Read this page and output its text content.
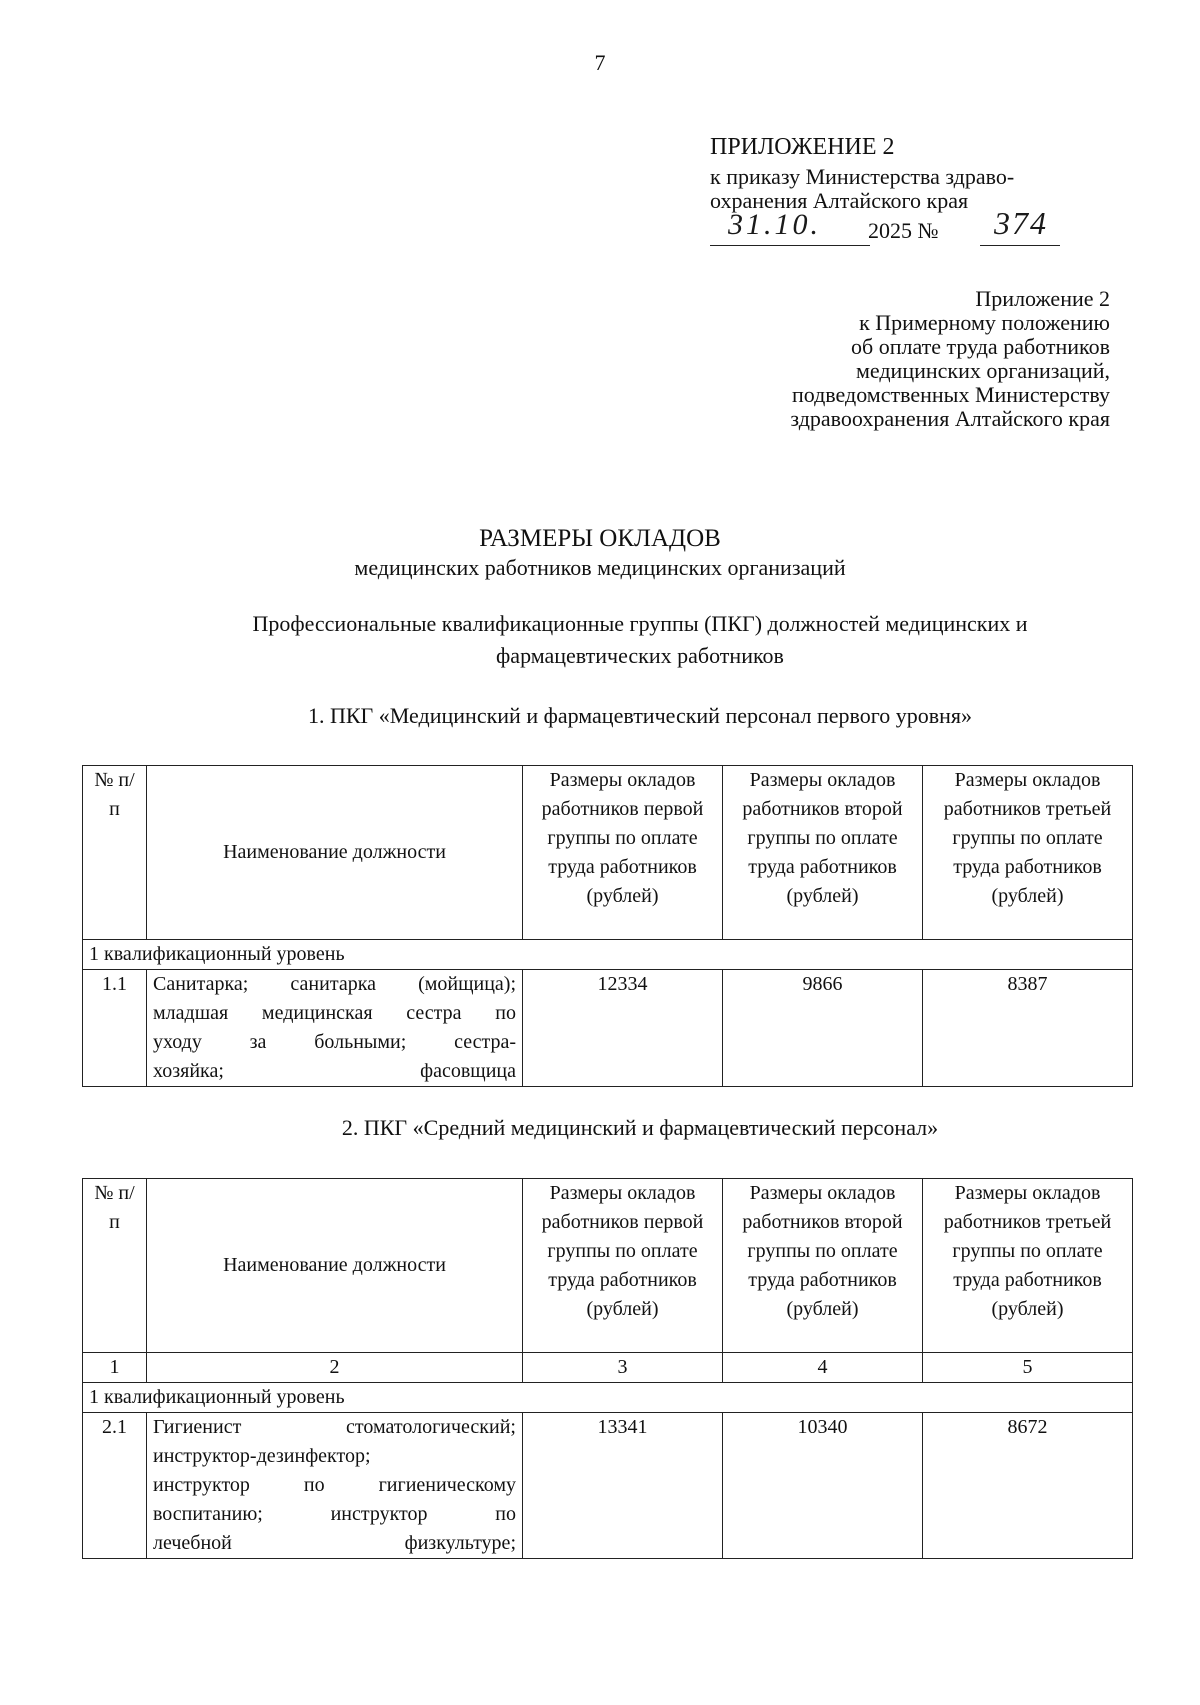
7
ПРИЛОЖЕНИЕ 2
к приказу Министерства здраво-
охранения Алтайского края
31.10. 2025 № 374
Приложение 2
к Примерному положению
об оплате труда работников
медицинских организаций,
подведомственных Министерству
здравоохранения Алтайского края
РАЗМЕРЫ ОКЛАДОВ
медицинских работников медицинских организаций
Профессиональные квалификационные группы (ПКГ) должностей медицинских и
фармацевтических работников
1. ПКГ «Медицинский и фармацевтический персонал первого уровня»
№ п/п	Наименование должности	Размеры окладов работников первой группы по оплате труда работников (рублей)	Размеры окладов работников второй группы по оплате труда работников (рублей)	Размеры окладов работников третьей группы по оплате труда работников (рублей)
1 квалификационный уровень				
1.1	Санитарка; санитарка (мойщица);
младшая медицинская сестра по
уходу за больными; сестра-
хозяйка; фасовщица	12334	9866	8387
2. ПКГ «Средний медицинский и фармацевтический персонал»
№ п/п	Наименование должности	Размеры окладов работников первой группы по оплате труда работников (рублей)	Размеры окладов работников второй группы по оплате труда работников (рублей)	Размеры окладов работников третьей группы по оплате труда работников (рублей)
1	2	3	4	5
1 квалификационный уровень				
2.1	Гигиенист стоматологический;

инструктор-дезинфектор;
инструктор по гигиеническому
воспитанию; инструктор по
лечебной физкультуре;	13341	10340	8672
